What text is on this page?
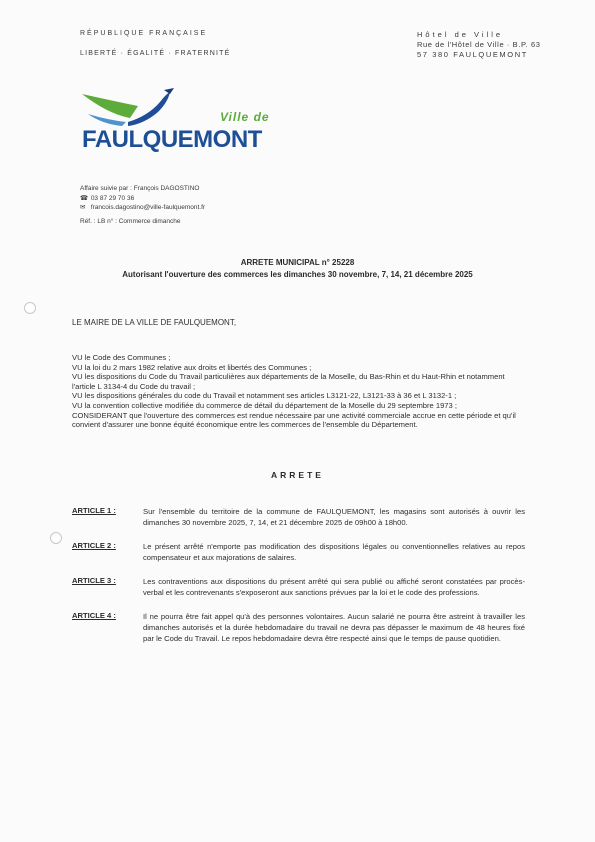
RÉPUBLIQUE FRANÇAISE
LIBERTÉ · ÉGALITÉ · FRATERNITÉ
Hôtel de Ville
Rue de l'Hôtel de Ville · B.P. 63
57 380 FAULQUEMONT
Ville de
FAULQUEMONT
Affaire suivie par : François DAGOSTINO
☎ 03 87 29 70 36
✉ francois.dagostino@ville-faulquemont.fr
Réf. : LB n° : Commerce dimanche
ARRETE MUNICIPAL n° 25228
Autorisant l'ouverture des commerces les dimanches 30 novembre, 7, 14, 21 décembre 2025
LE MAIRE DE LA VILLE DE FAULQUEMONT,

VU le Code des Communes ;

VU la loi du 2 mars 1982 relative aux droits et libertés des Communes ;

VU les dispositions du Code du Travail particulières aux départements de la Moselle, du Bas-Rhin et du Haut-Rhin et notamment l'article L 3134-4 du Code du travail ;

VU les dispositions générales du code du Travail et notamment ses articles L3121-22, L3121-33 à 36 et L 3132-1 ;

VU la convention collective modifiée du commerce de détail du département de la Moselle du 29 septembre 1973 ;

CONSIDERANT que l'ouverture des commerces est rendue nécessaire par une activité commerciale accrue en cette période et qu'il convient d'assurer une bonne équité économique entre les commerces de l'ensemble du Département.

ARRETE
ARTICLE 1 :	Sur l'ensemble du territoire de la commune de FAULQUEMONT, les magasins sont autorisés à ouvrir les dimanches 30 novembre 2025, 7, 14, et 21 décembre 2025 de 09h00 à 18h00.
ARTICLE 2 :	Le présent arrêté n'emporte pas modification des dispositions légales ou conventionnelles relatives au repos compensateur et aux majorations de salaires.
ARTICLE 3 :	Les contraventions aux dispositions du présent arrêté qui sera publié ou affiché seront constatées par procès-verbal et les contrevenants s'exposeront aux sanctions prévues par la loi et le code des professions.
ARTICLE 4 :	Il ne pourra être fait appel qu'à des personnes volontaires. Aucun salarié ne pourra être astreint à travailler les dimanches autorisés et la durée hebdomadaire du travail ne devra pas dépasser le maximum de 48 heures fixé par le Code du Travail. Le repos hebdomadaire devra être respecté ainsi que le temps de pause quotidien.
